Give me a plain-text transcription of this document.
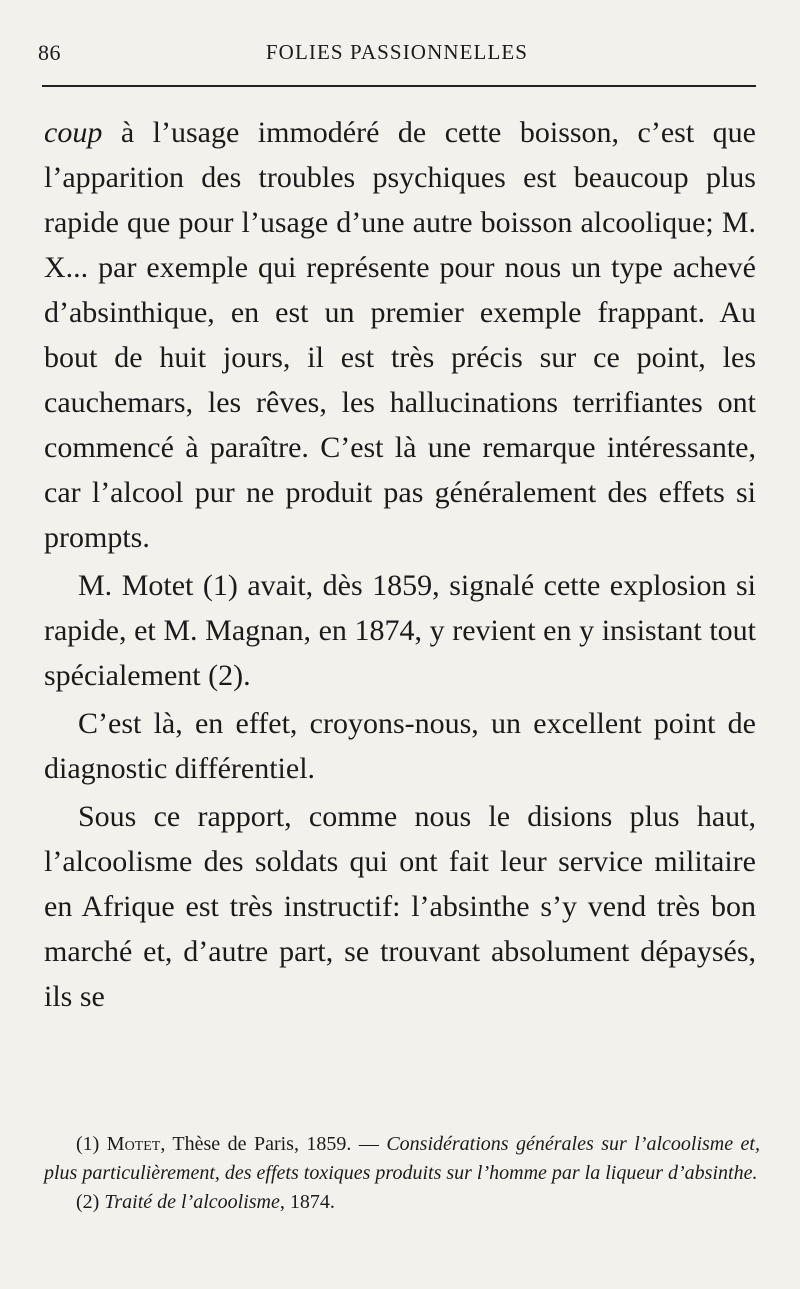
86	FOLIES PASSIONNELLES

coup à l’usage immodéré de cette boisson, c’est que l’apparition des troubles psychiques est beaucoup plus rapide que pour l’usage d’une autre boisson alcoolique; M. X... par exemple qui représente pour nous un type achevé d’absinthique, en est un premier exemple frappant. Au bout de huit jours, il est très précis sur ce point, les cauchemars, les rêves, les hallucinations terrifiantes ont commencé à paraître. C’est là une remarque intéressante, car l’alcool pur ne produit pas généralement des effets si prompts.

M. Motet (1) avait, dès 1859, signalé cette explosion si rapide, et M. Magnan, en 1874, y revient en y insistant tout spécialement (2).

C’est là, en effet, croyons-nous, un excellent point de diagnostic différentiel.

Sous ce rapport, comme nous le disions plus haut, l’alcoolisme des soldats qui ont fait leur service militaire en Afrique est très instructif: l’absinthe s’y vend très bon marché et, d’autre part, se trouvant absolument dépaysés, ils se

(1) Motet, Thèse de Paris, 1859. — Considérations générales sur l’alcoolisme et, plus particulièrement, des effets toxiques produits sur l’homme par la liqueur d’absinthe.

(2) Traité de l’alcoolisme, 1874.
